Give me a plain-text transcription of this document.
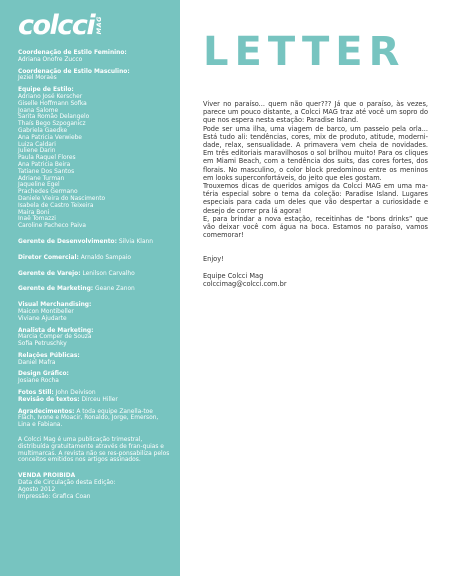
colcci MAG
Coordenação de Estilo Feminino:
Adriana Onofre Zucco
Coordenação de Estilo Masculino:
Jeziel Moraes
Equipe de Estilo:
Adriano José Kerscher
Giselle Hoffmann Sofka
Joana Salome
Sarita Romão Delangelo
Thaís Bego Szpoganicz
Gabriela Gaedke
Ana Patricia Verwiebe
Luiza Caldari
Juliene Darin
Paula Raquel Flores
Ana Patricia Beira
Tatiane Dos Santos
Adriane Turman
Jaqueline Egel
Prachedes Germano
Daniele Vieira do Nascimento
Isabela de Castro Teixeira
Maira Boni
Inaê Tomazzi
Caroline Pacheco Paiva
Gerente de Desenvolvimento: Silvia Klann
Diretor Comercial: Arnaldo Sampaio
Gerente de Varejo: Lenilson Carvalho
Gerente de Marketing: Geane Zanon
Visual Merchandising:
Maicon Montibeller
Viviane Ajudarte
Analista de Marketing:
Marcia Comper de Souza
Sofia Petruschky
Relações Públicas:
Daniel Mafra
Design Gráfico:
Josiane Rocha
Fotos Still: John Deivison
Revisão de textos: Dirceu Hiller
Agradecimentos: A toda equipe Zanella-toe Flach, Ivone e Moacir, Ronaldo, Jorge, Emerson, Lina e Fabiana.
A Colcci Mag é uma publicação trimestral, distribuída gratuitamente através de fran-quias e multimarcas. A revista não se res-ponsabiliza pelos conceitos emitidos nos artigos assinados.
VENDA PROIBIDA
Data de Circulação desta Edição:
Agosto 2012
Impressão: Grafica Coan
LETTER

Viver no paraíso... quem não quer??? Já que o paraíso, às vezes, parece um pouco distante, a Colcci MAG traz até você um sopro do que nos espera nesta estação: Paradise Island.

Pode ser uma ilha, uma viagem de barco, um passeio pela orla... Está tudo ali: tendências, cores, mix de produto, atitude, moderni-dade, relax, sensualidade. A primavera vem cheia de novidades. Em três editoriais maravilhosos o sol brilhou muito! Para os cliques em Miami Beach, com a tendência dos suits, das cores fortes, dos florais. No masculino, o color block predominou entre os meninos em looks superconfortáveis, do jeito que eles gostam.

Trouxemos dicas de queridos amigos da Colcci MAG em uma ma-téria especial sobre o tema da coleção: Paradise Island. Lugares especiais para cada um deles que vão despertar a curiosidade e desejo de correr pra lá agora!

E, para brindar a nova estação, receitinhas de “bons drinks” que vão deixar você com água na boca. Estamos no paraíso, vamos comemorar!

Enjoy!

Equipe Colcci Mag

colccimag@colcci.com.br
